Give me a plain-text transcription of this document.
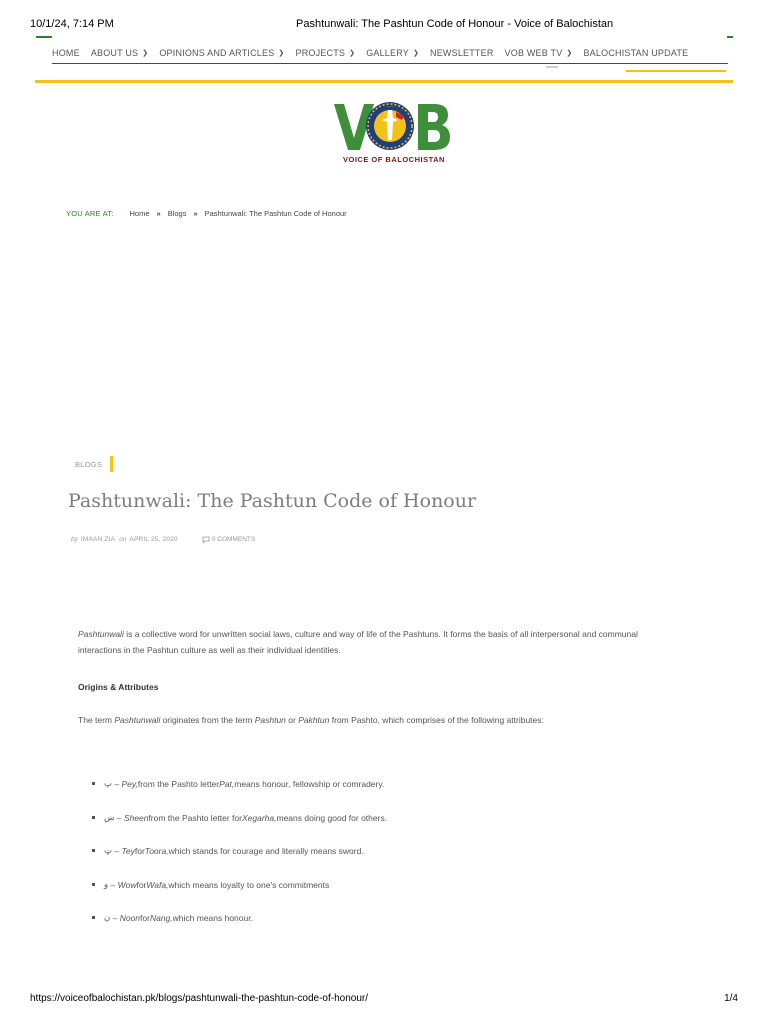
10/1/24, 7:14 PM	Pashtunwali: The Pashtun Code of Honour - Voice of Balochistan
HOME ABOUT US ❯ OPINIONS AND ARTICLES ❯ PROJECTS ❯ GALLERY ❯ NEWSLETTER VOB WEB TV ❯ BALOCHISTAN UPDATE
·······
VOICE OF BALOCHISTAN
YOU ARE AT: Home » Blogs » Pashtunwali: The Pashtun Code of Honour
BLOGS
Pashtunwali: The Pashtun Code of Honour
by IMAAN ZIA on APRIL 25, 2020	0 COMMENTS
Pashtunwali is a collective word for unwritten social laws, culture and way of life of the Pashtuns. It forms the basis of all interpersonal and communal
interactions in the Pashtun culture as well as their individual identities.
Origins & Attributes
The term Pashtunwali originates from the term Pashtun or Pakhtun from Pashto, which comprises of the following attributes:
پ – Pey, from the Pashto letter Pat, means honour, fellowship or comradery.
ښ – Sheen from the Pashto letter for Xegarha, means doing good for others.
ټ – Tey for Toora, which stands for courage and literally means sword.
و – Wow for Wafa, which means loyalty to one's commitments
ن – Noon for Nang, which means honour.
https://voiceofbalochistan.pk/blogs/pashtunwali-the-pashtun-code-of-honour/	1/4
